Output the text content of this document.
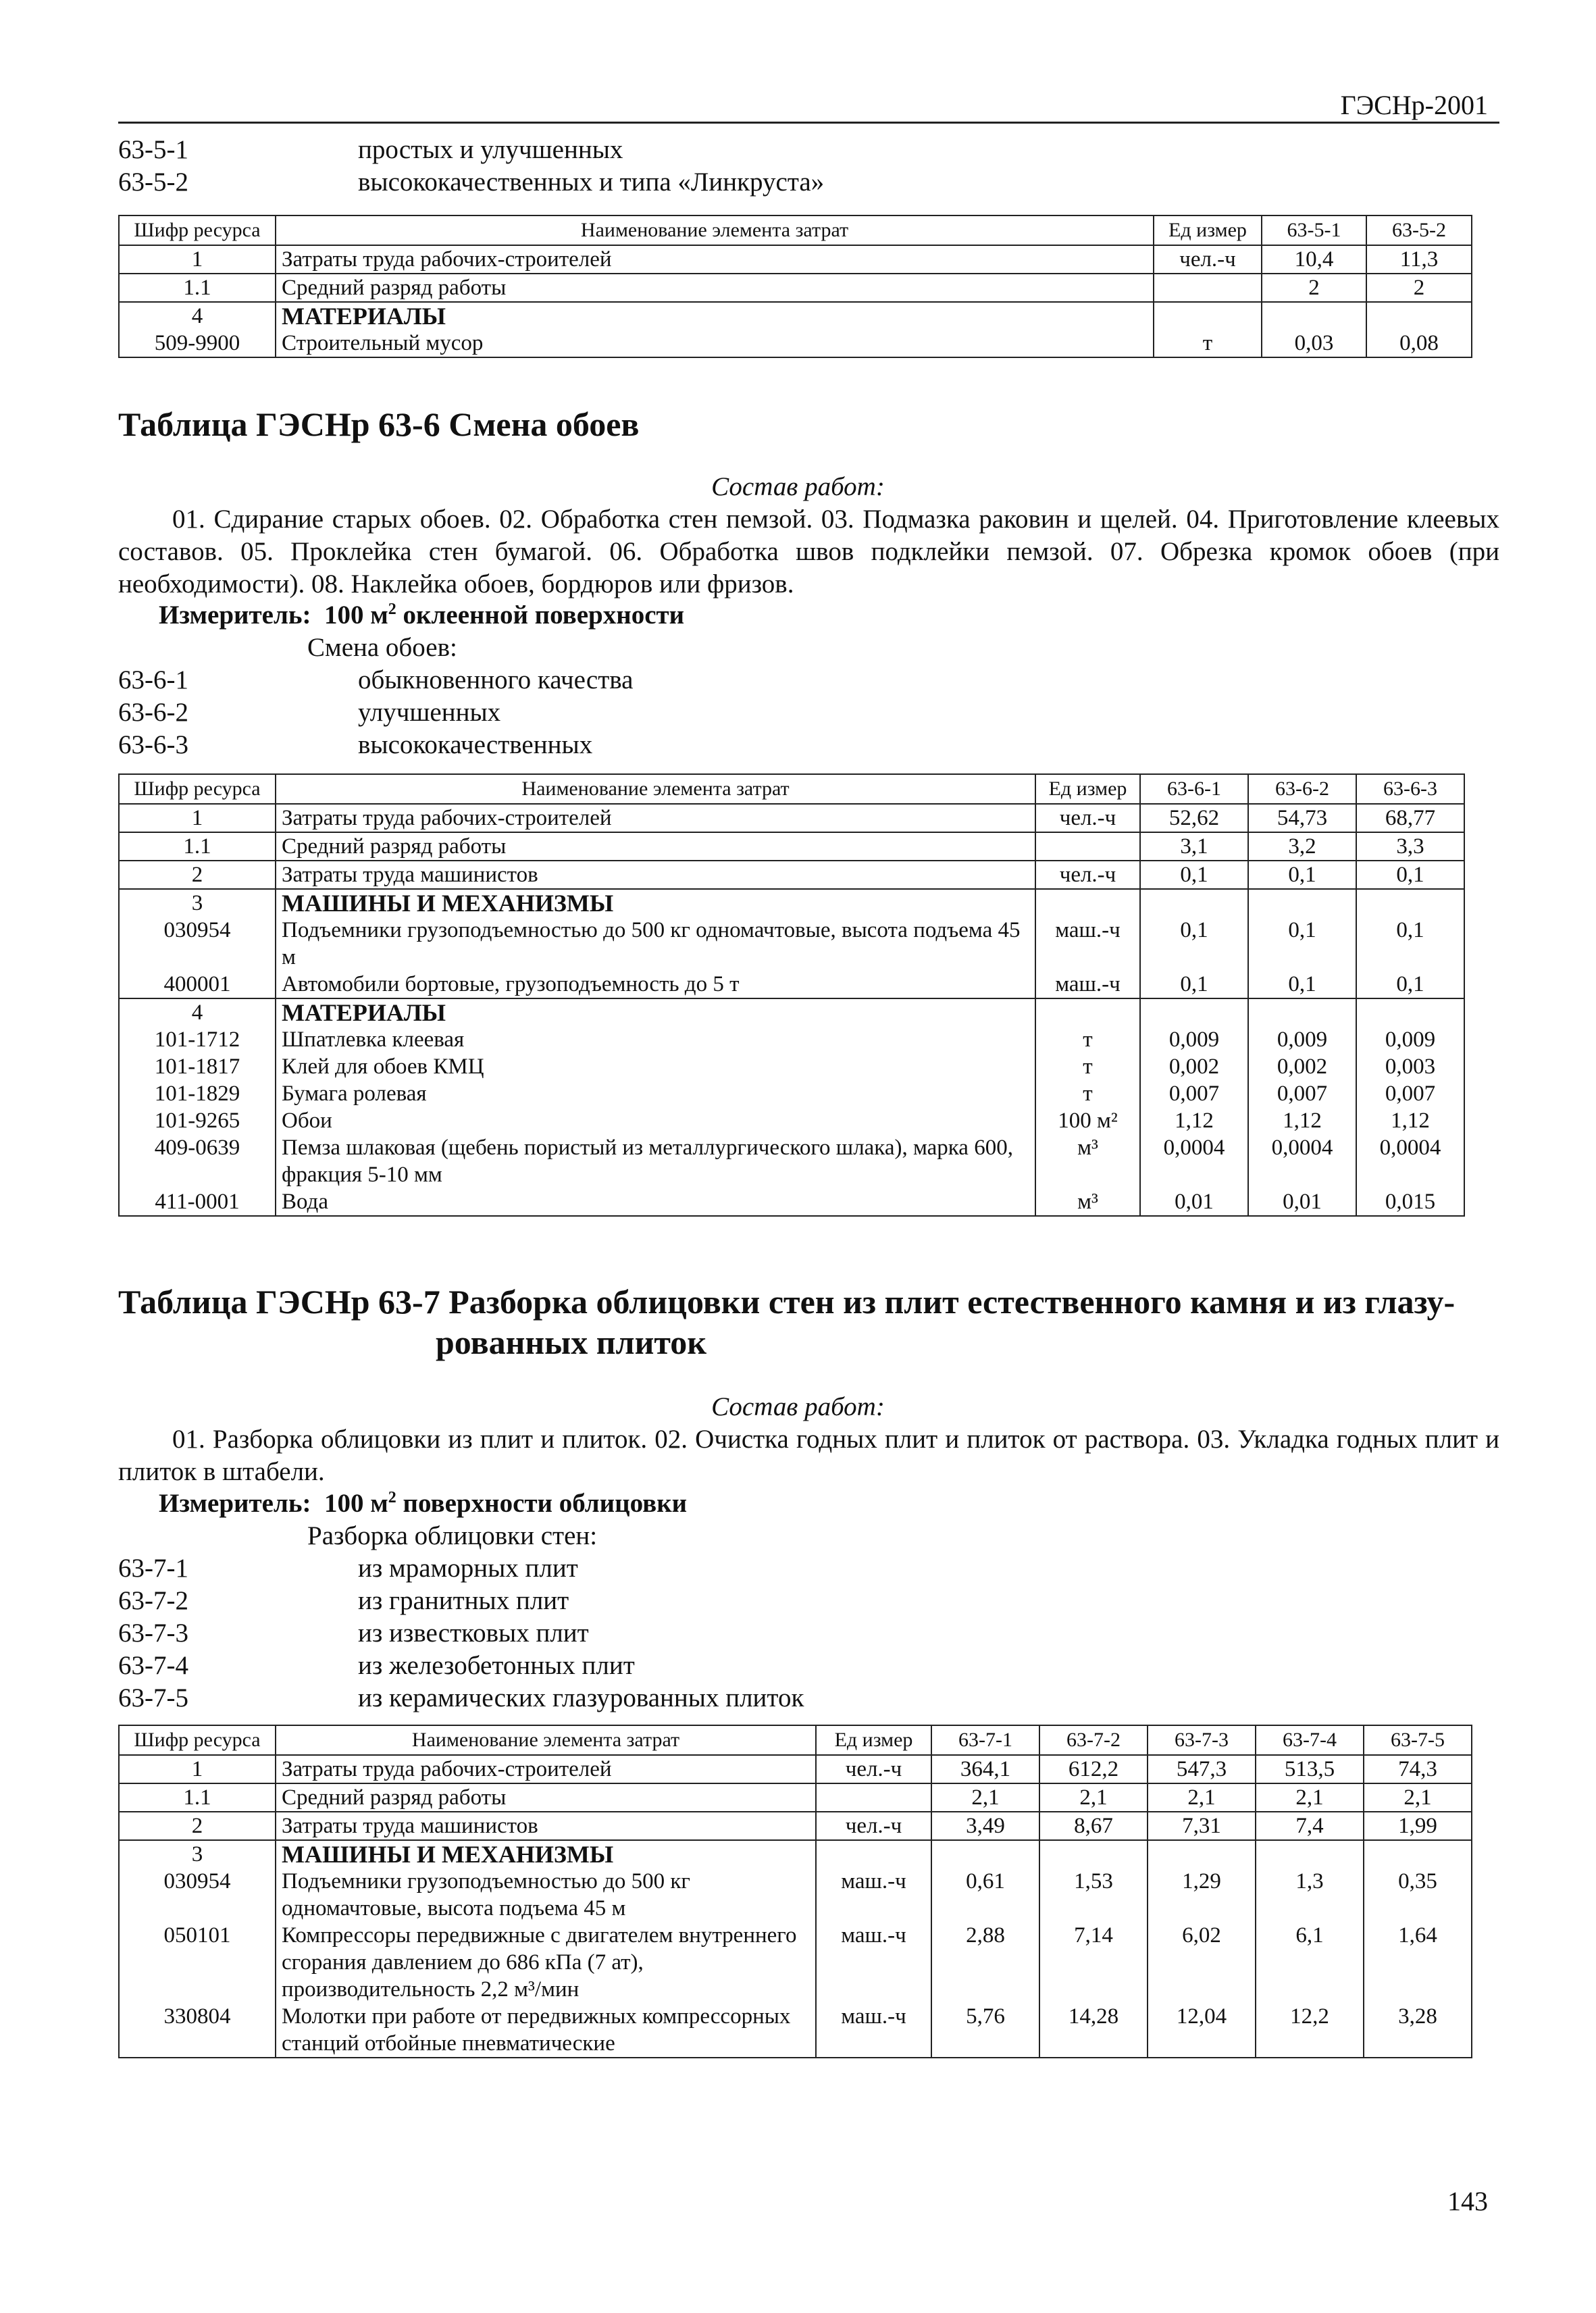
ГЭСНр-2001
63-5-1	простых и улучшенных
63-5-2	высококачественных и типа «Линкруста»
Шифр ресурса	Наименование элемента затрат	Ед измер	63-5-1	63-5-2
1	Затраты труда рабочих-строителей	чел.-ч	10,4	11,3
1.1	Средний разряд работы		2	2
4	МАТЕРИАЛЫ			
509-9900	Строительный мусор	т	0,03	0,08
Таблица ГЭСНр 63-6 Смена обоев
Состав работ:
01. Сдирание старых обоев. 02. Обработка стен пемзой. 03. Подмазка раковин и щелей. 04. Приготовление клеевых составов. 05. Проклейка стен бумагой. 06. Обработка швов подклейки пемзой. 07. Обрезка кромок обоев (при необходимости). 08. Наклейка обоев, бордюров или фризов.
Измеритель: 100 $м^2$ оклеенной поверхности
Смена обоев:
63-6-1	обыкновенного качества
63-6-2	улучшенных
63-6-3	высококачественных
Шифр ресурса	Наименование элемента затрат	Ед измер	63-6-1	63-6-2	63-6-3
1	Затраты труда рабочих-строителей	чел.-ч	52,62	54,73	68,77
1.1	Средний разряд работы		3,1	3,2	3,3
2	Затраты труда машинистов	чел.-ч	0,1	0,1	0,1
3	МАШИНЫ И МЕХАНИЗМЫ				
030954	Подъемники грузоподъемностью до 500 кг одномачтовые, высота подъема 45 м	маш.-ч	0,1	0,1	0,1
400001	Автомобили бортовые, грузоподъемность до 5 т	маш.-ч	0,1	0,1	0,1
4	МАТЕРИАЛЫ				
101-1712	Шпатлевка клеевая	т	0,009	0,009	0,009
101-1817	Клей для обоев КМЦ	т	0,002	0,002	0,003
101-1829	Бумага ролевая	т	0,007	0,007	0,007
101-9265	Обои	100 м²	1,12	1,12	1,12
409-0639	Пемза шлаковая (щебень пористый из металлургического шлака), марка 600, фракция 5-10 мм	м³	0,0004	0,0004	0,0004
411-0001	Вода	м³	0,01	0,01	0,015
Таблица ГЭСНр 63-7 Разборка облицовки стен из плит естественного камня и из глазу-
рованных плиток
Состав работ:
01. Разборка облицовки из плит и плиток. 02. Очистка годных плит и плиток от раствора. 03. Укладка годных плит и плиток в штабели.
Измеритель: 100 $м^2$ поверхности облицовки
Разборка облицовки стен:
63-7-1	из мраморных плит
63-7-2	из гранитных плит
63-7-3	из известковых плит
63-7-4	из железобетонных плит
63-7-5	из керамических глазурованных плиток
Шифр ресурса	Наименование элемента затрат	Ед измер	63-7-1	63-7-2	63-7-3	63-7-4	63-7-5
1	Затраты труда рабочих-строителей	чел.-ч	364,1	612,2	547,3	513,5	74,3
1.1	Средний разряд работы		2,1	2,1	2,1	2,1	2,1
2	Затраты труда машинистов	чел.-ч	3,49	8,67	7,31	7,4	1,99
3	МАШИНЫ И МЕХАНИЗМЫ						
030954	Подъемники грузоподъемностью до 500 кг одномачтовые, высота подъема 45 м	маш.-ч	0,61	1,53	1,29	1,3	0,35
050101	Компрессоры передвижные с двигателем внутреннего сгорания давлением до 686 кПа (7 ат), производительность 2,2 м³/мин	маш.-ч	2,88	7,14	6,02	6,1	1,64
330804	Молотки при работе от передвижных компрессорных станций отбойные пневматические	маш.-ч	5,76	14,28	12,04	12,2	3,28
143
